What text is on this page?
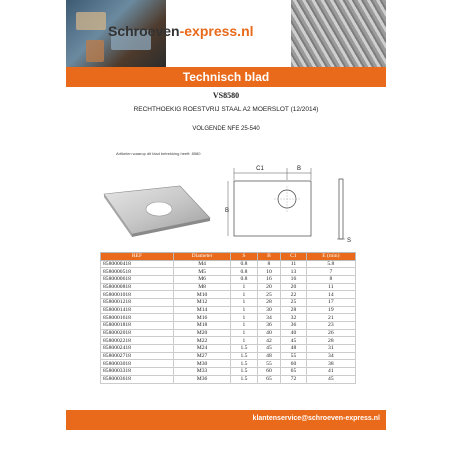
Schroeven-express.nl
Technisch blad
VS8580
RECHTHOEKIG ROESTVRIJ STAAL A2 MOERSLOT (12/2014)
VOLGENDE NFE 25-540
Artikelen waarop dit blad betrekking heeft: 8580
C1	B
B
S
REF	Diameter	S	B	C1	E (min)
8580000418	M4	0.8	8	11	5.8
8580000518	M5	0.8	10	13	7
8580000618	M6	0.8	16	16	8
8580000818	M8	1	20	20	11
8580001018	M10	1	25	22	14
8580001218	M12	1	28	25	17
8580001418	M14	1	30	28	19
8580001618	M16	1	34	32	21
8580001818	M18	1	36	36	23
8580002018	M20	1	40	40	26
8580002218	M22	1	42	45	28
8580002418	M24	1.5	45	48	31
8580002718	M27	1.5	48	55	34
8580003018	M30	1.5	55	60	38
8580003318	M33	1.5	60	65	41
8580003618	M36	1.5	65	72	45
klantenservice@schroeven-express.nl
